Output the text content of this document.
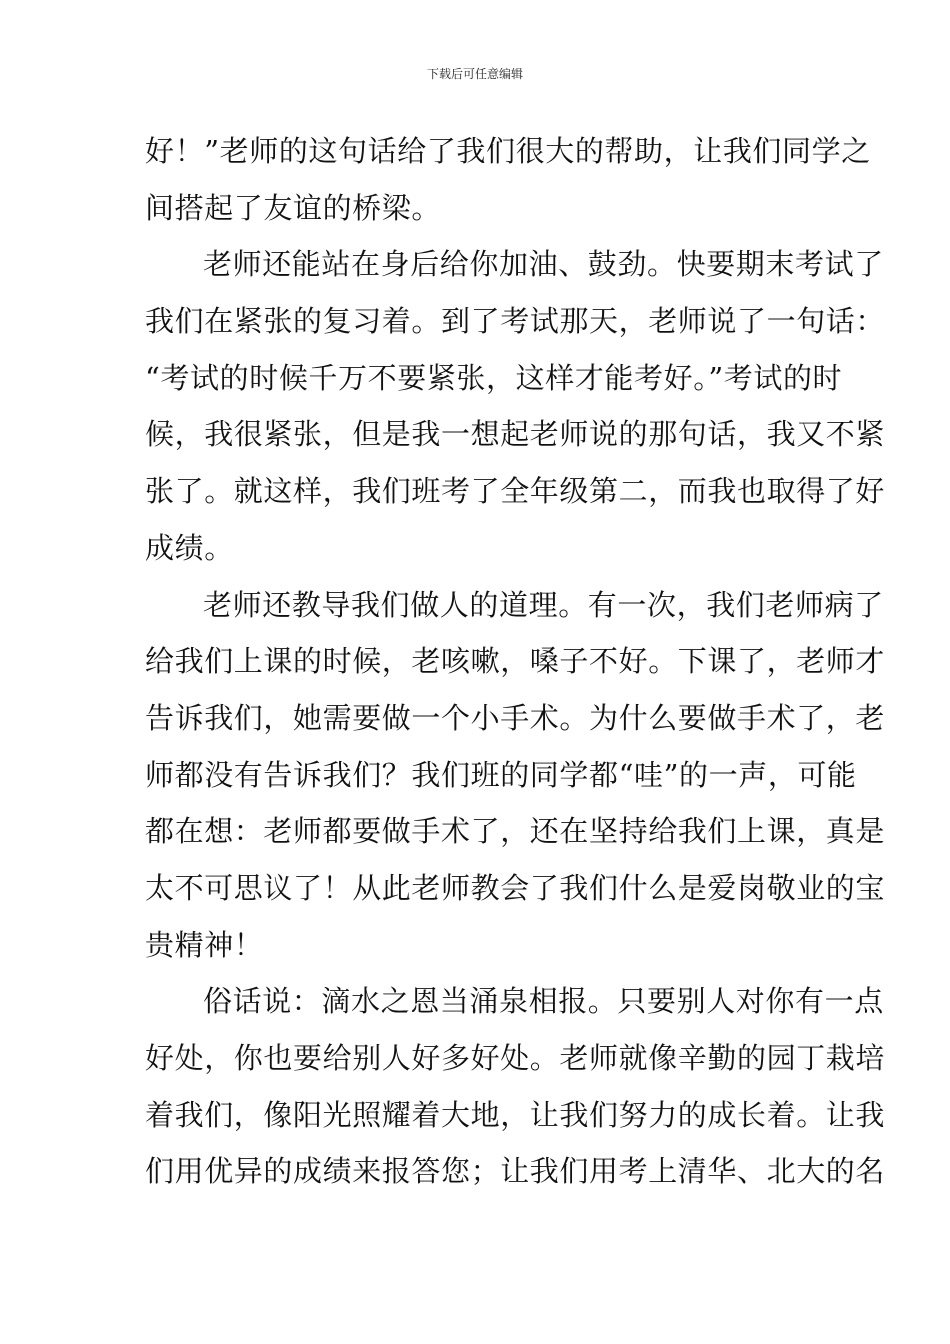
下载后可任意编辑
好！”老师的这句话给了我们很大的帮助，让我们同学之
间搭起了友谊的桥梁。
老师还能站在身后给你加油、鼓劲。快要期末考试了
我们在紧张的复习着。到了考试那天，老师说了一句话：
“考试的时候千万不要紧张，这样才能考好。”考试的时
候，我很紧张，但是我一想起老师说的那句话，我又不紧
张了。就这样，我们班考了全年级第二，而我也取得了好
成绩。
老师还教导我们做人的道理。有一次，我们老师病了
给我们上课的时候，老咳嗽，嗓子不好。下课了，老师才
告诉我们，她需要做一个小手术。为什么要做手术了，老
师都没有告诉我们？我们班的同学都“哇”的一声，可能
都在想：老师都要做手术了，还在坚持给我们上课，真是
太不可思议了！从此老师教会了我们什么是爱岗敬业的宝
贵精神！
俗话说：滴水之恩当涌泉相报。只要别人对你有一点
好处，你也要给别人好多好处。老师就像辛勤的园丁栽培
着我们，像阳光照耀着大地，让我们努力的成长着。让我
们用优异的成绩来报答您；让我们用考上清华、北大的名
